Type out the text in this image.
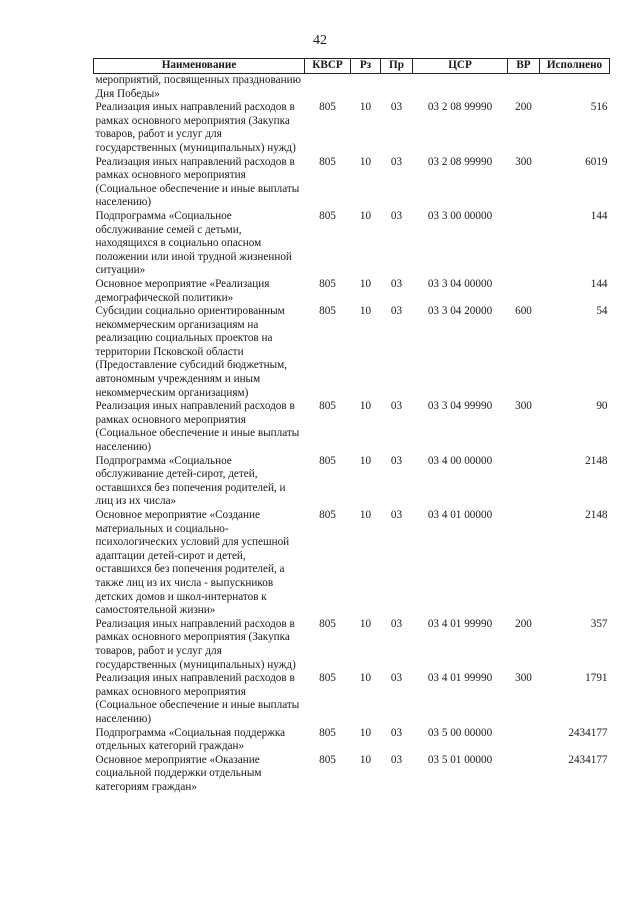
42
Наименование	КВСР	Рз	Пр	ЦСР	ВР	Исполнено
мероприятий, посвященных празднованию Дня Победы»						
Реализация иных направлений расходов в рамках основного мероприятия (Закупка товаров, работ и услуг для государственных (муниципальных) нужд)	805	10	03	03 2 08 99990	200	516
Реализация иных направлений расходов в рамках основного мероприятия (Социальное обеспечение и иные выплаты населению)	805	10	03	03 2 08 99990	300	6019
Подпрограмма «Социальное обслуживание семей с детьми, находящихся в социально опасном положении или иной трудной жизненной ситуации»	805	10	03	03 3 00 00000		144
Основное мероприятие «Реализация демографической политики»	805	10	03	03 3 04 00000		144
Субсидии социально ориентированным некоммерческим организациям на реализацию социальных проектов на территории Псковской области (Предоставление субсидий бюджетным, автономным учреждениям и иным некоммерческим организациям)	805	10	03	03 3 04 20000	600	54
Реализация иных направлений расходов в рамках основного мероприятия (Социальное обеспечение и иные выплаты населению)	805	10	03	03 3 04 99990	300	90
Подпрограмма «Социальное обслуживание детей-сирот, детей, оставшихся без попечения родителей, и лиц из их числа»	805	10	03	03 4 00 00000		2148
Основное мероприятие «Создание материальных и социально-психологических условий для успешной адаптации детей-сирот и детей, оставшихся без попечения родителей, а также лиц из их числа - выпускников детских домов и школ-интернатов к самостоятельной жизни»	805	10	03	03 4 01 00000		2148
Реализация иных направлений расходов в рамках основного мероприятия (Закупка товаров, работ и услуг для государственных (муниципальных) нужд)	805	10	03	03 4 01 99990	200	357
Реализация иных направлений расходов в рамках основного мероприятия (Социальное обеспечение и иные выплаты населению)	805	10	03	03 4 01 99990	300	1791
Подпрограмма «Социальная поддержка отдельных категорий граждан»	805	10	03	03 5 00 00000		2434177
Основное мероприятие «Оказание социальной поддержки отдельным категориям граждан»	805	10	03	03 5 01 00000		2434177
